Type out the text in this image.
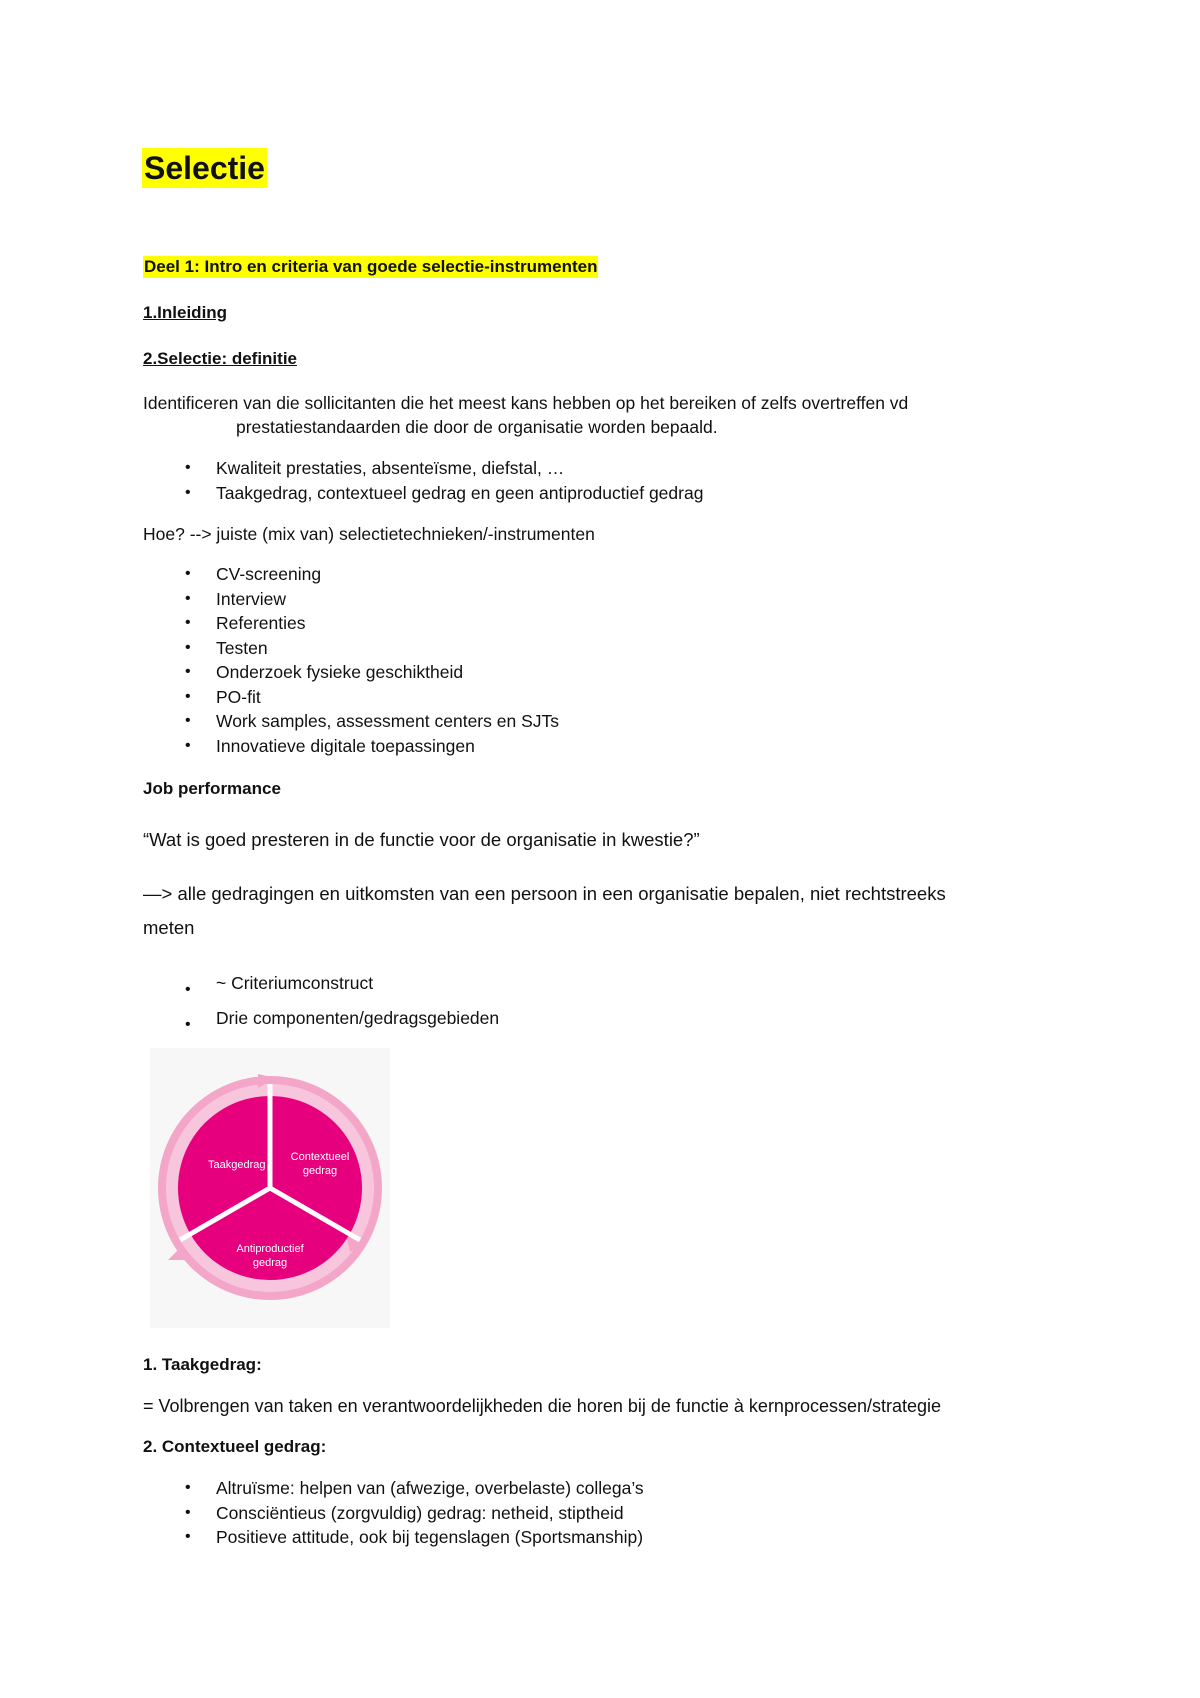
Selectie
Deel 1: Intro en criteria van goede selectie-instrumenten
1.Inleiding
2.Selectie: definitie
Identificeren van die sollicitanten die het meest kans hebben op het bereiken of zelfs overtreffen vd
prestatiestandaarden die door de organisatie worden bepaald.
• Kwaliteit prestaties, absenteïsme, diefstal, …
• Taakgedrag, contextueel gedrag en geen antiproductief gedrag
Hoe? --> juiste (mix van) selectietechnieken/-instrumenten
• CV-screening
• Interview
• Referenties
• Testen
• Onderzoek fysieke geschiktheid
• PO-fit
• Work samples, assessment centers en SJTs
• Innovatieve digitale toepassingen
Job performance
“Wat is goed presteren in de functie voor de organisatie in kwestie?”
—> alle gedragingen en uitkomsten van een persoon in een organisatie bepalen, niet rechtstreeks
meten
• ~ Criteriumconstruct
• Drie componenten/gedragsgebieden
Taakgedrag
Contextueel
gedrag
Antiproductief
gedrag
1. Taakgedrag:
= Volbrengen van taken en verantwoordelijkheden die horen bij de functie à kernprocessen/strategie
2. Contextueel gedrag:
• Altruïsme: helpen van (afwezige, overbelaste) collega’s
• Consciëntieus (zorgvuldig) gedrag: netheid, stiptheid
• Positieve attitude, ook bij tegenslagen (Sportsmanship)
